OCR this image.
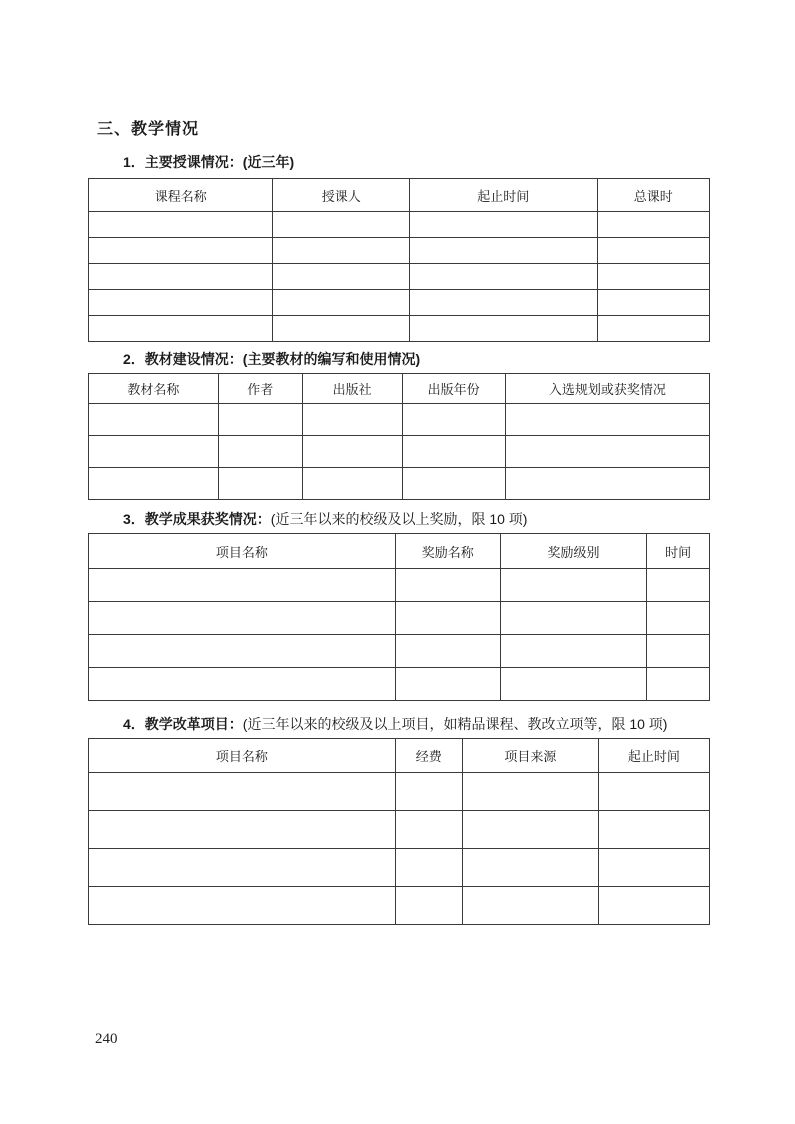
三、教学情况
1．主要授课情况：(近三年)
课程名称	授课人	起止时间	总课时

2．教材建设情况：(主要教材的编写和使用情况)
教材名称	作者	出版社	出版年份	入选规划或获奖情况

3．教学成果获奖情况：(近三年以来的校级及以上奖励，限 10 项)
项目名称	奖励名称	奖励级别	时间

4．教学改革项目：(近三年以来的校级及以上项目，如精品课程、教改立项等，限 10 项)
项目名称	经费	项目来源	起止时间

240
